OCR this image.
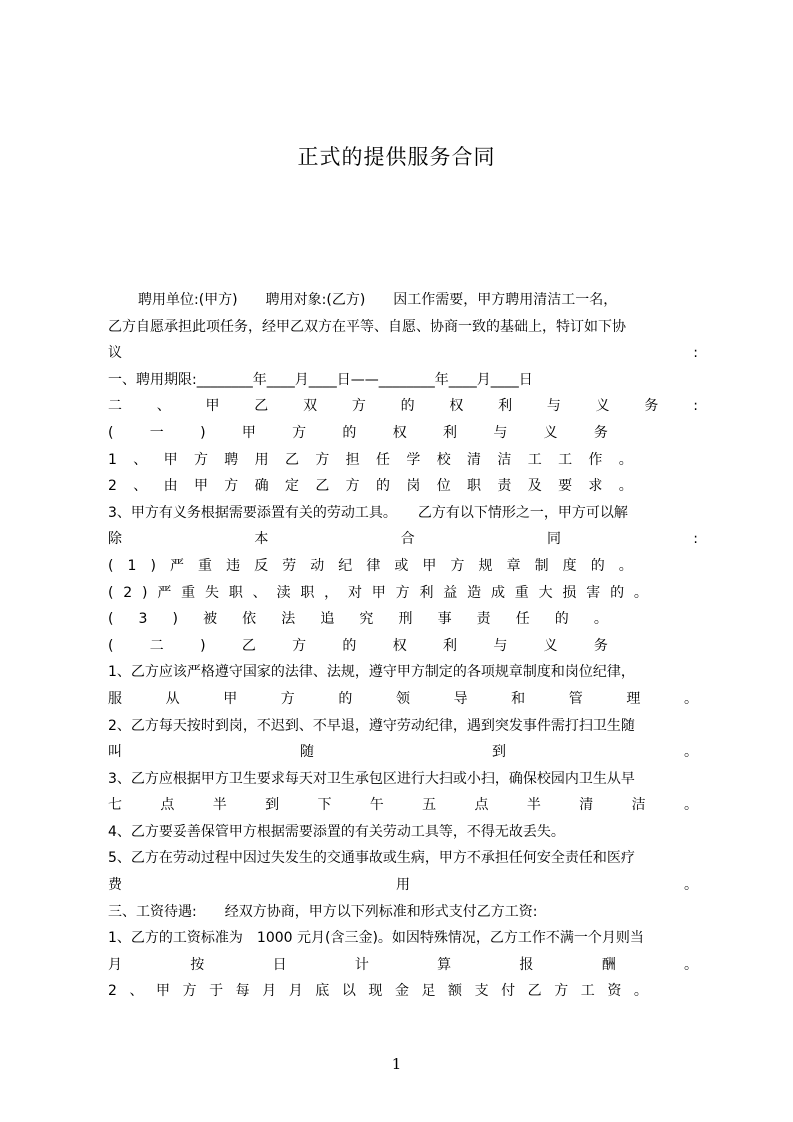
正式的提供服务合同
聘用单位:(甲方)　　聘用对象:(乙方)　　因工作需要，甲方聘用清洁工一名，
乙方自愿承担此项任务，经甲乙双方在平等、自愿、协商一致的基础上，特订如下协
议	:
一、聘用期限:________年____月____日——________年____月____日
二 、 甲 乙 双 方 的 权 利 与 义 务 :
(	一	)	甲	方	的	权	利	与	义	务
1 、 甲 方 聘 用 乙 方 担 任 学 校 清 洁 工 工 作 。
2 、 由 甲 方 确 定 乙 方 的 岗 位 职 责 及 要 求 。
3、甲方有义务根据需要添置有关的劳动工具。　　乙方有以下情形之一，甲方可以解
除	本	合	同	:
( 1 ) 严 重 违 反 劳 动 纪 律 或 甲 方 规 章 制 度 的 。
( 2 ) 严 重 失 职 、 渎 职 ， 对 甲 方 利 益 造 成 重 大 损 害 的 。
( 3 ) 被 依 法 追 究 刑 事 责 任 的 。
(	二	)	乙	方	的	权	利	与	义	务
1、乙方应该严格遵守国家的法律、法规，遵守甲方制定的各项规章制度和岗位纪律，
服	从	甲	方	的	领	导	和	管	理	。
2、乙方每天按时到岗，不迟到、不早退，遵守劳动纪律，遇到突发事件需打扫卫生随
叫	随	到	。
3、乙方应根据甲方卫生要求每天对卫生承包区进行大扫或小扫，确保校园内卫生从早
七	点	半	到	下	午	五	点	半	清	洁	。
4、乙方要妥善保管甲方根据需要添置的有关劳动工具等，不得无故丢失。
5、乙方在劳动过程中因过失发生的交通事故或生病，甲方不承担任何安全责任和医疗
费	用	。
三、工资待遇:　　经双方协商，甲方以下列标准和形式支付乙方工资:
1、乙方的工资标准为　1000 元月(含三金)。如因特殊情况，乙方工作不满一个月则当
月	按	日	计	算	报	酬	。
2 、 甲 方 于 每 月 月 底 以 现 金 足 额 支 付 乙 方 工 资 。
1
